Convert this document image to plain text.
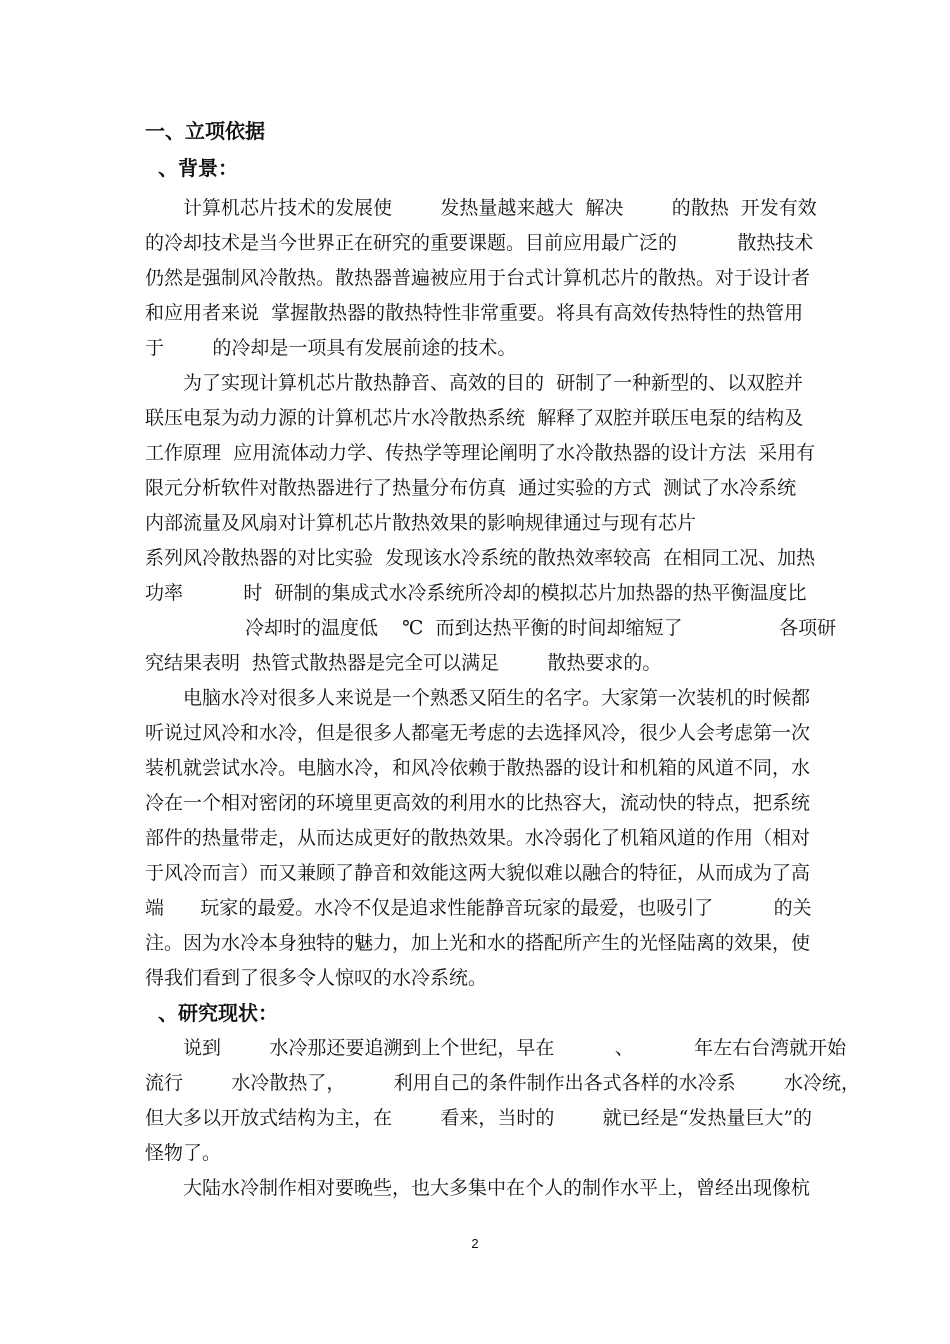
一、立项依据
、背景：
计算机芯片技术的发展使        发热量越来越大  解决        的散热  开发有效
的冷却技术是当今世界正在研究的重要课题。目前应用最广泛的          散热技术
仍然是强制风冷散热。散热器普遍被应用于台式计算机芯片的散热。对于设计者
和应用者来说  掌握散热器的散热特性非常重要。将具有高效传热特性的热管用
于        的冷却是一项具有发展前途的技术。
为了实现计算机芯片散热静音、高效的目的  研制了一种新型的、以双腔并
联压电泵为动力源的计算机芯片水冷散热系统  解释了双腔并联压电泵的结构及
工作原理  应用流体动力学、传热学等理论阐明了水冷散热器的设计方法  采用有
限元分析软件对散热器进行了热量分布仿真  通过实验的方式  测试了水冷系统
内部流量及风扇对计算机芯片散热效果的影响规律通过与现有芯片
系列风冷散热器的对比实验  发现该水冷系统的散热效率较高  在相同工况、加热
功率          时  研制的集成式水冷系统所冷却的模拟芯片加热器的热平衡温度比
冷却时的温度低    ℃  而到达热平衡的时间却缩短了                各项研
究结果表明  热管式散热器是完全可以满足        散热要求的。
电脑水冷对很多人来说是一个熟悉又陌生的名字。大家第一次装机的时候都
听说过风冷和水冷，但是很多人都毫无考虑的去选择风冷，很少人会考虑第一次
装机就尝试水冷。电脑水冷，和风冷依赖于散热器的设计和机箱的风道不同，水
冷在一个相对密闭的环境里更高效的利用水的比热容大，流动快的特点，把系统
部件的热量带走，从而达成更好的散热效果。水冷弱化了机箱风道的作用（相对
于风冷而言）而又兼顾了静音和效能这两大貌似难以融合的特征，从而成为了高
端      玩家的最爱。水冷不仅是追求性能静音玩家的最爱，也吸引了          的关
注。因为水冷本身独特的魅力，加上光和水的搭配所产生的光怪陆离的效果，使
得我们看到了很多令人惊叹的水冷系统。
、研究现状：
说到        水冷那还要追溯到上个世纪，早在          、          年左右台湾就开始
流行        水冷散热了，        利用自己的条件制作出各式各样的水冷系        水冷统，
但大多以开放式结构为主，在        看来，当时的        就已经是“发热量巨大”的
怪物了。
大陆水冷制作相对要晚些，也大多集中在个人的制作水平上，曾经出现像杭
2
